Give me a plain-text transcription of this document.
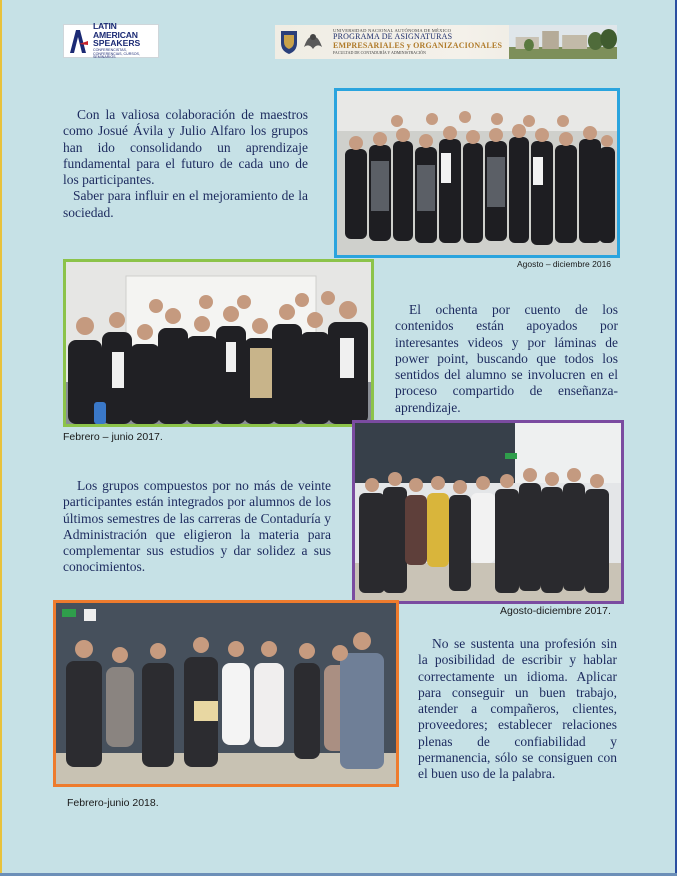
LATIN AMERICAN
SPEAKERS
CONFERENCISTAS, CONFERENCIAS, CURSOS, SEMINARIOS
UNIVERSIDAD NACIONAL AUTÓNOMA DE MÉXICO
PROGRAMA DE ASIGNATURAS
EMPRESARIALES y ORGANIZACIONALES
FACULTAD DE CONTADURÍA Y ADMINISTRACIÓN
Con la valiosa colaboración de maestros como Josué Ávila y Julio Alfaro los grupos han ido consolidando un aprendizaje fundamental para el futuro de cada uno de los participantes.
Saber para influir en el mejoramiento de la sociedad.
Agosto – diciembre 2016
Febrero – junio 2017.

El ochenta por cuento de los contenidos están apoyados por interesantes videos y por láminas de power point, buscando que todos los sentidos del alumno se involucren en el proceso compartido de enseñanza-aprendizaje.

Agosto-diciembre 2017.

Los grupos compuestos por no más de veinte participantes están integrados por alumnos de los últimos semestres de las carreras de Contaduría y Administración que eligieron la materia para complementar sus estudios y dar solidez a sus conocimientos.

Febrero-junio 2018.

No se sustenta una profesión sin la posibilidad de escribir y hablar correctamente un idioma. Aplicar para conseguir un buen trabajo, atender a compañeros, clientes, proveedores; establecer relaciones plenas de confiabilidad y permanencia, sólo se consiguen con el buen uso de la palabra.
